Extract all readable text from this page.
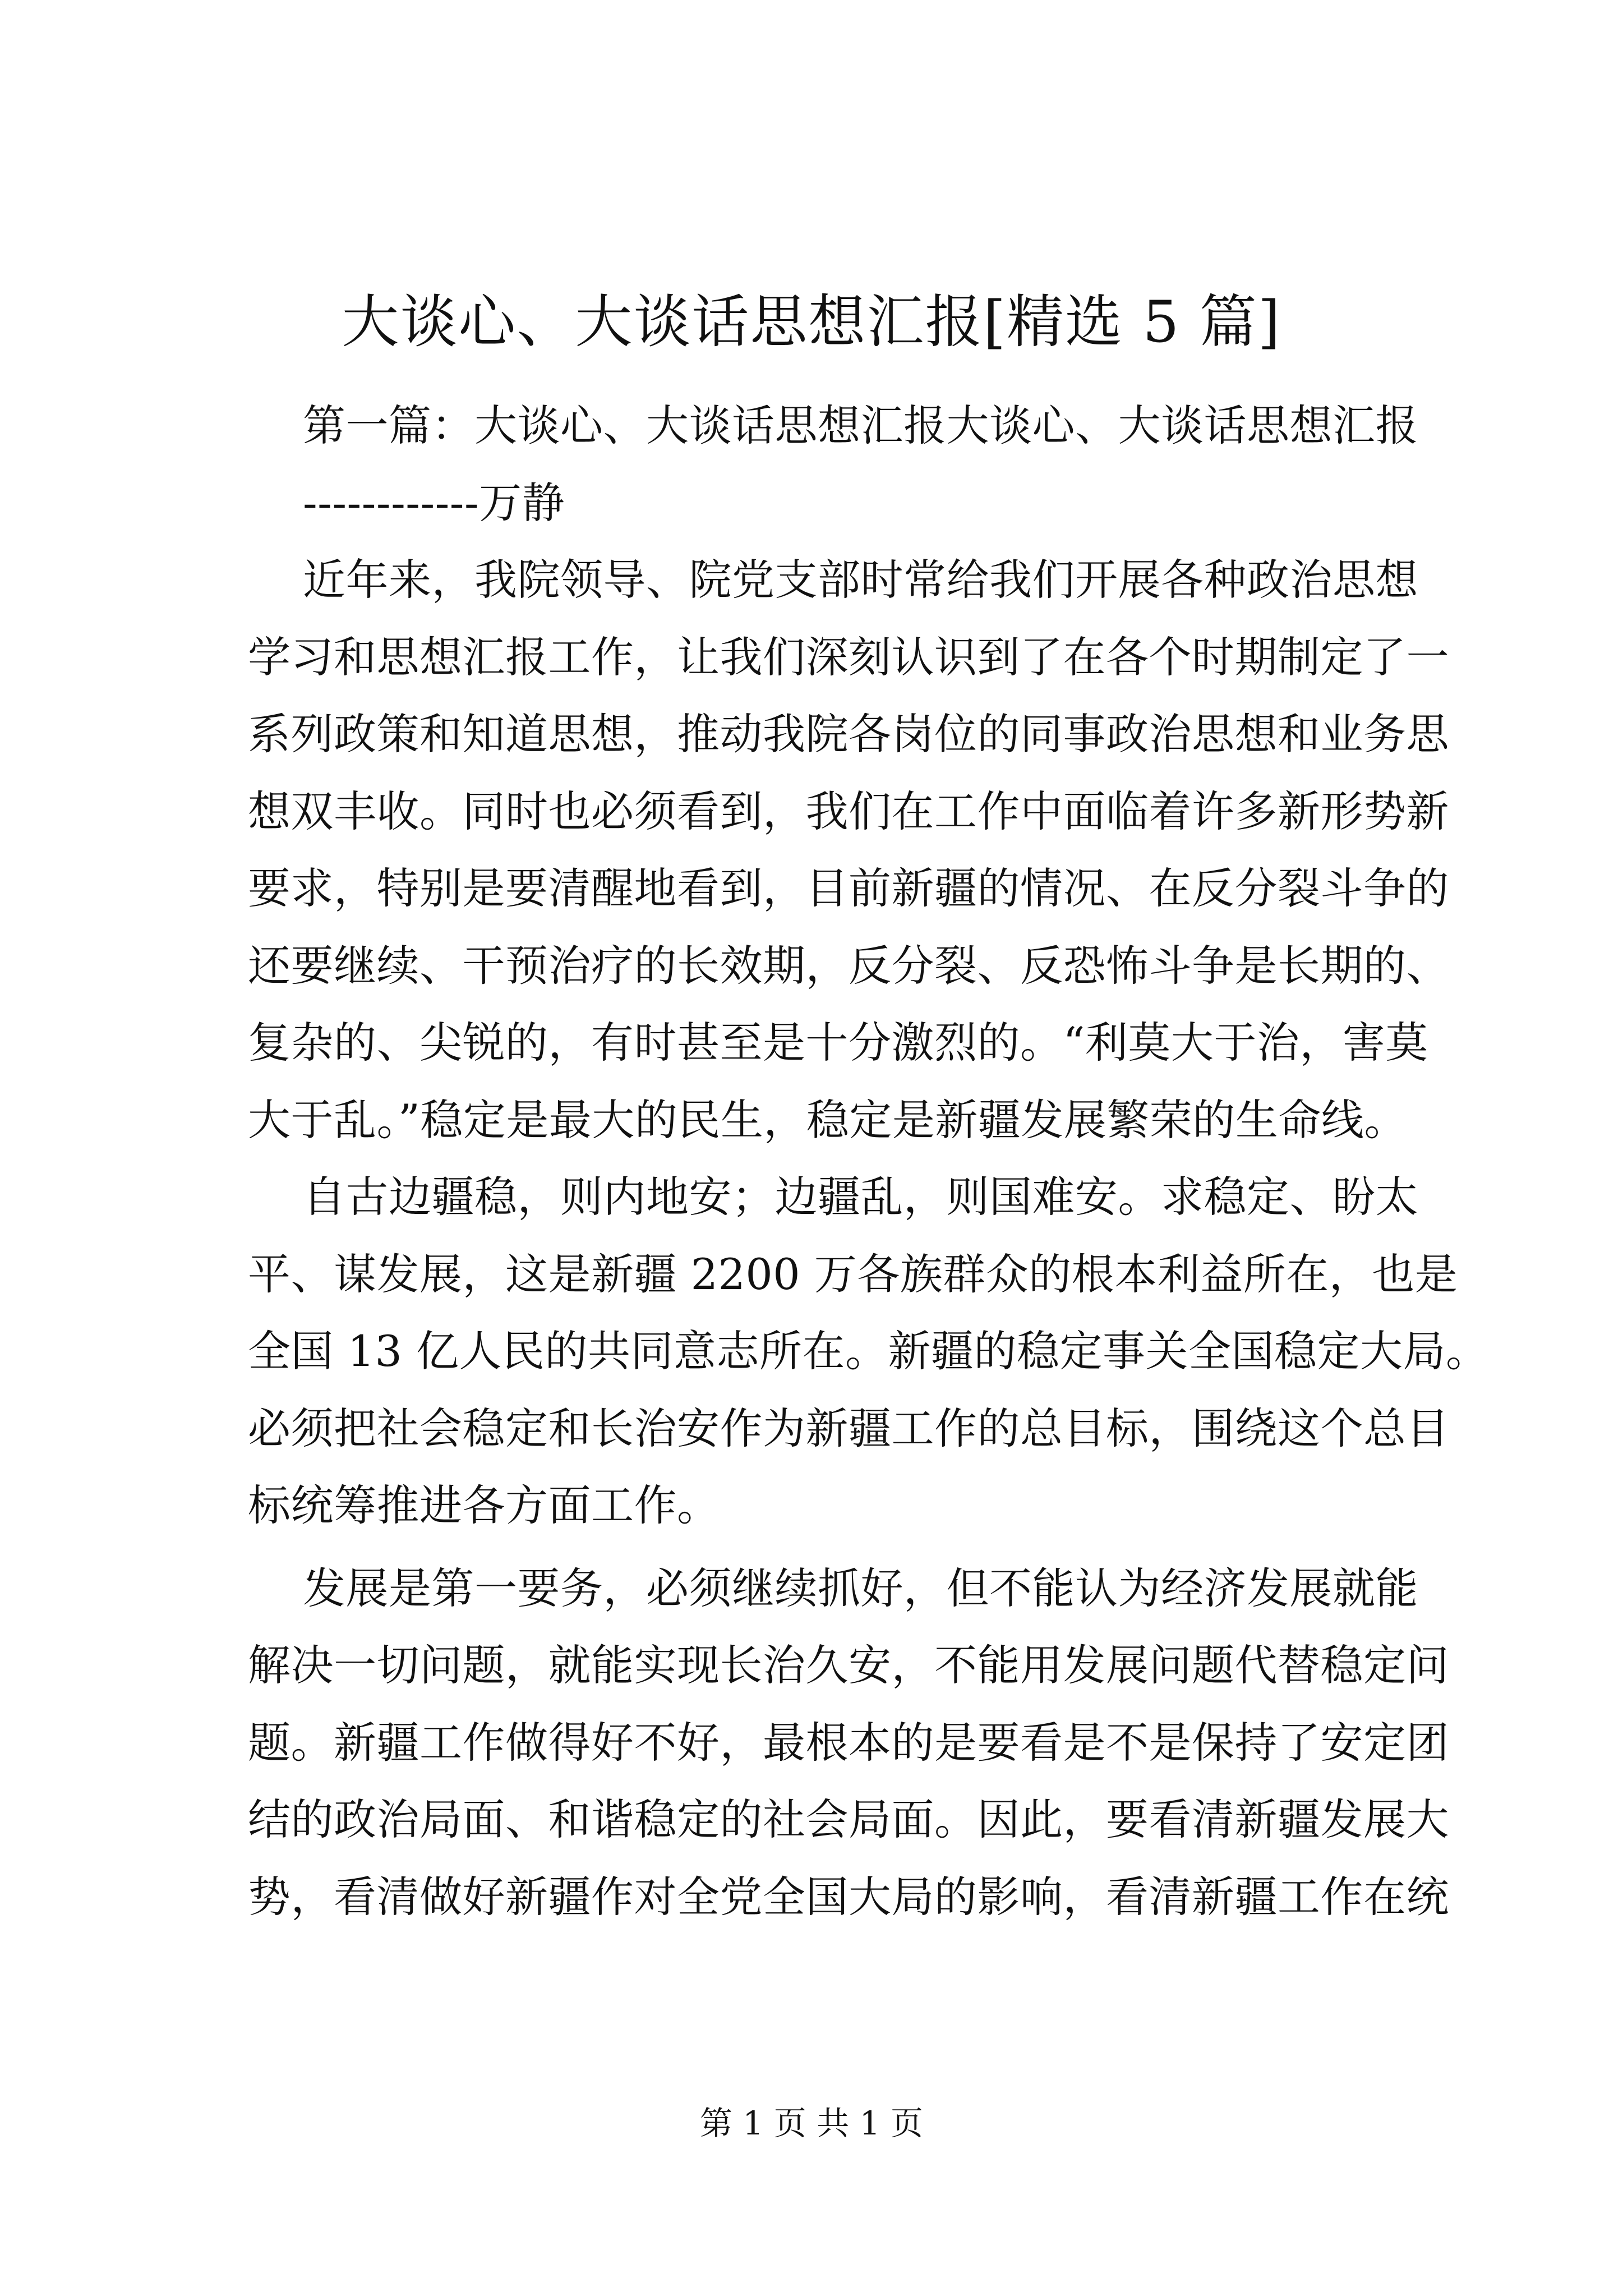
大谈心、大谈话思想汇报[精选 5 篇]
第一篇：大谈心、大谈话思想汇报大谈心、大谈话思想汇报
------------万静
近年来，我院领导、院党支部时常给我们开展各种政治思想
学习和思想汇报工作，让我们深刻认识到了在各个时期制定了一
系列政策和知道思想，推动我院各岗位的同事政治思想和业务思
想双丰收。同时也必须看到，我们在工作中面临着许多新形势新
要求，特别是要清醒地看到，目前新疆的情况、在反分裂斗争的
还要继续、干预治疗的长效期，反分裂、反恐怖斗争是长期的、
复杂的、尖锐的，有时甚至是十分激烈的。“利莫大于治，害莫
大于乱。”稳定是最大的民生，稳定是新疆发展繁荣的生命线。
自古边疆稳，则内地安；边疆乱，则国难安。求稳定、盼太
平、谋发展，这是新疆 2200 万各族群众的根本利益所在，也是
全国 13 亿人民的共同意志所在。新疆的稳定事关全国稳定大局。
必须把社会稳定和长治安作为新疆工作的总目标，围绕这个总目
标统筹推进各方面工作。
发展是第一要务，必须继续抓好，但不能认为经济发展就能
解决一切问题，就能实现长治久安，不能用发展问题代替稳定问
题。新疆工作做得好不好，最根本的是要看是不是保持了安定团
结的政治局面、和谐稳定的社会局面。因此，要看清新疆发展大
势，看清做好新疆作对全党全国大局的影响，看清新疆工作在统
第 1 页 共 1 页
